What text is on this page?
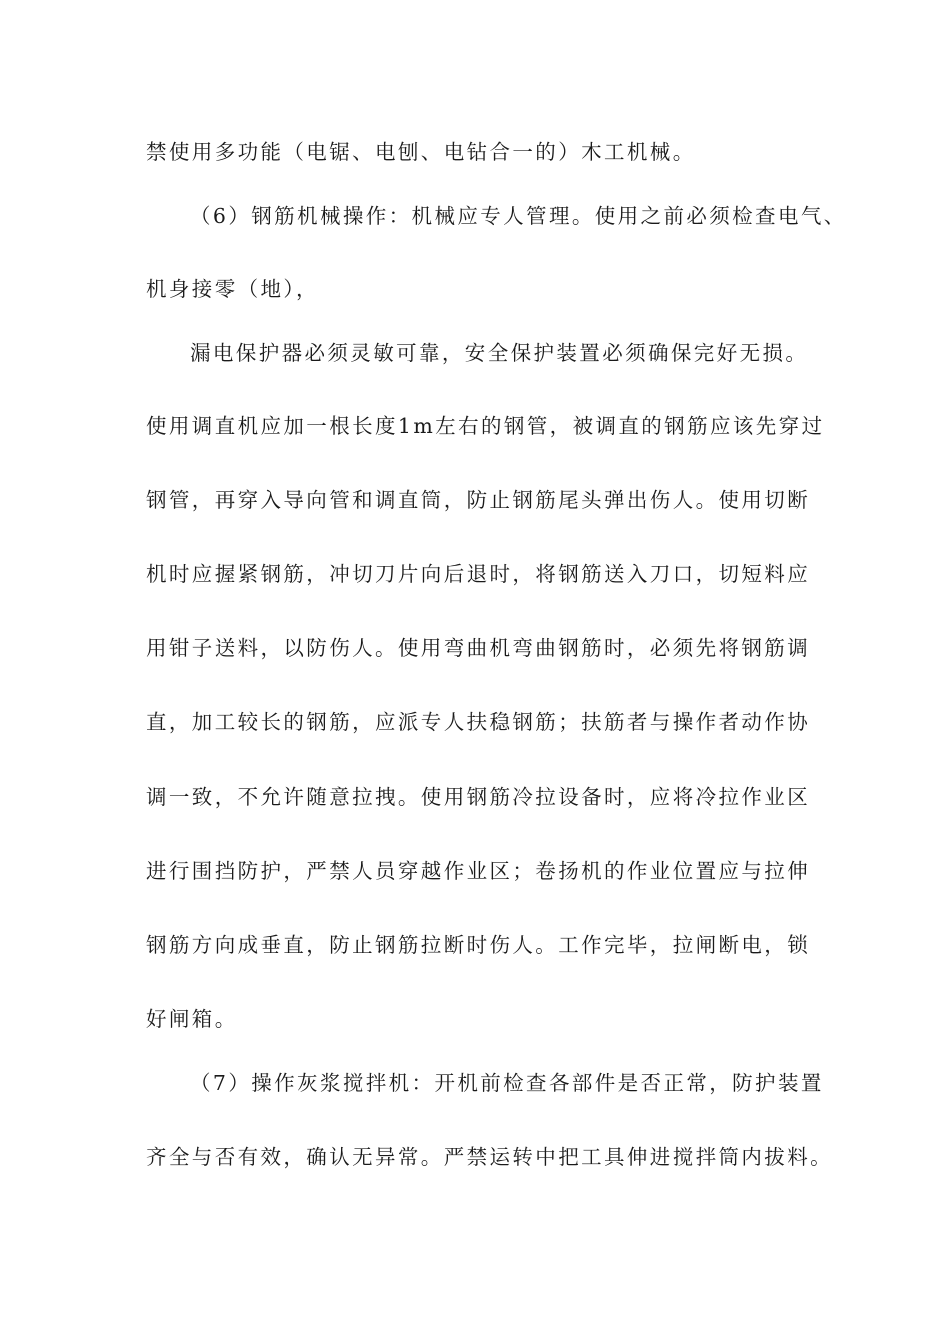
禁使用多功能（电锯、电刨、电钻合一的）木工机械。
（6）钢筋机械操作：机械应专人管理。使用之前必须检查电气、
机身接零（地），
漏电保护器必须灵敏可靠，安全保护装置必须确保完好无损。
使用调直机应加一根长度1m左右的钢管，被调直的钢筋应该先穿过
钢管，再穿入导向管和调直筒，防止钢筋尾头弹出伤人。使用切断
机时应握紧钢筋，冲切刀片向后退时，将钢筋送入刀口，切短料应
用钳子送料，以防伤人。使用弯曲机弯曲钢筋时，必须先将钢筋调
直，加工较长的钢筋，应派专人扶稳钢筋；扶筋者与操作者动作协
调一致，不允许随意拉拽。使用钢筋冷拉设备时，应将冷拉作业区
进行围挡防护，严禁人员穿越作业区；卷扬机的作业位置应与拉伸
钢筋方向成垂直，防止钢筋拉断时伤人。工作完毕，拉闸断电，锁
好闸箱。
（7）操作灰浆搅拌机：开机前检查各部件是否正常，防护装置
齐全与否有效，确认无异常。严禁运转中把工具伸进搅拌筒内拔料。
